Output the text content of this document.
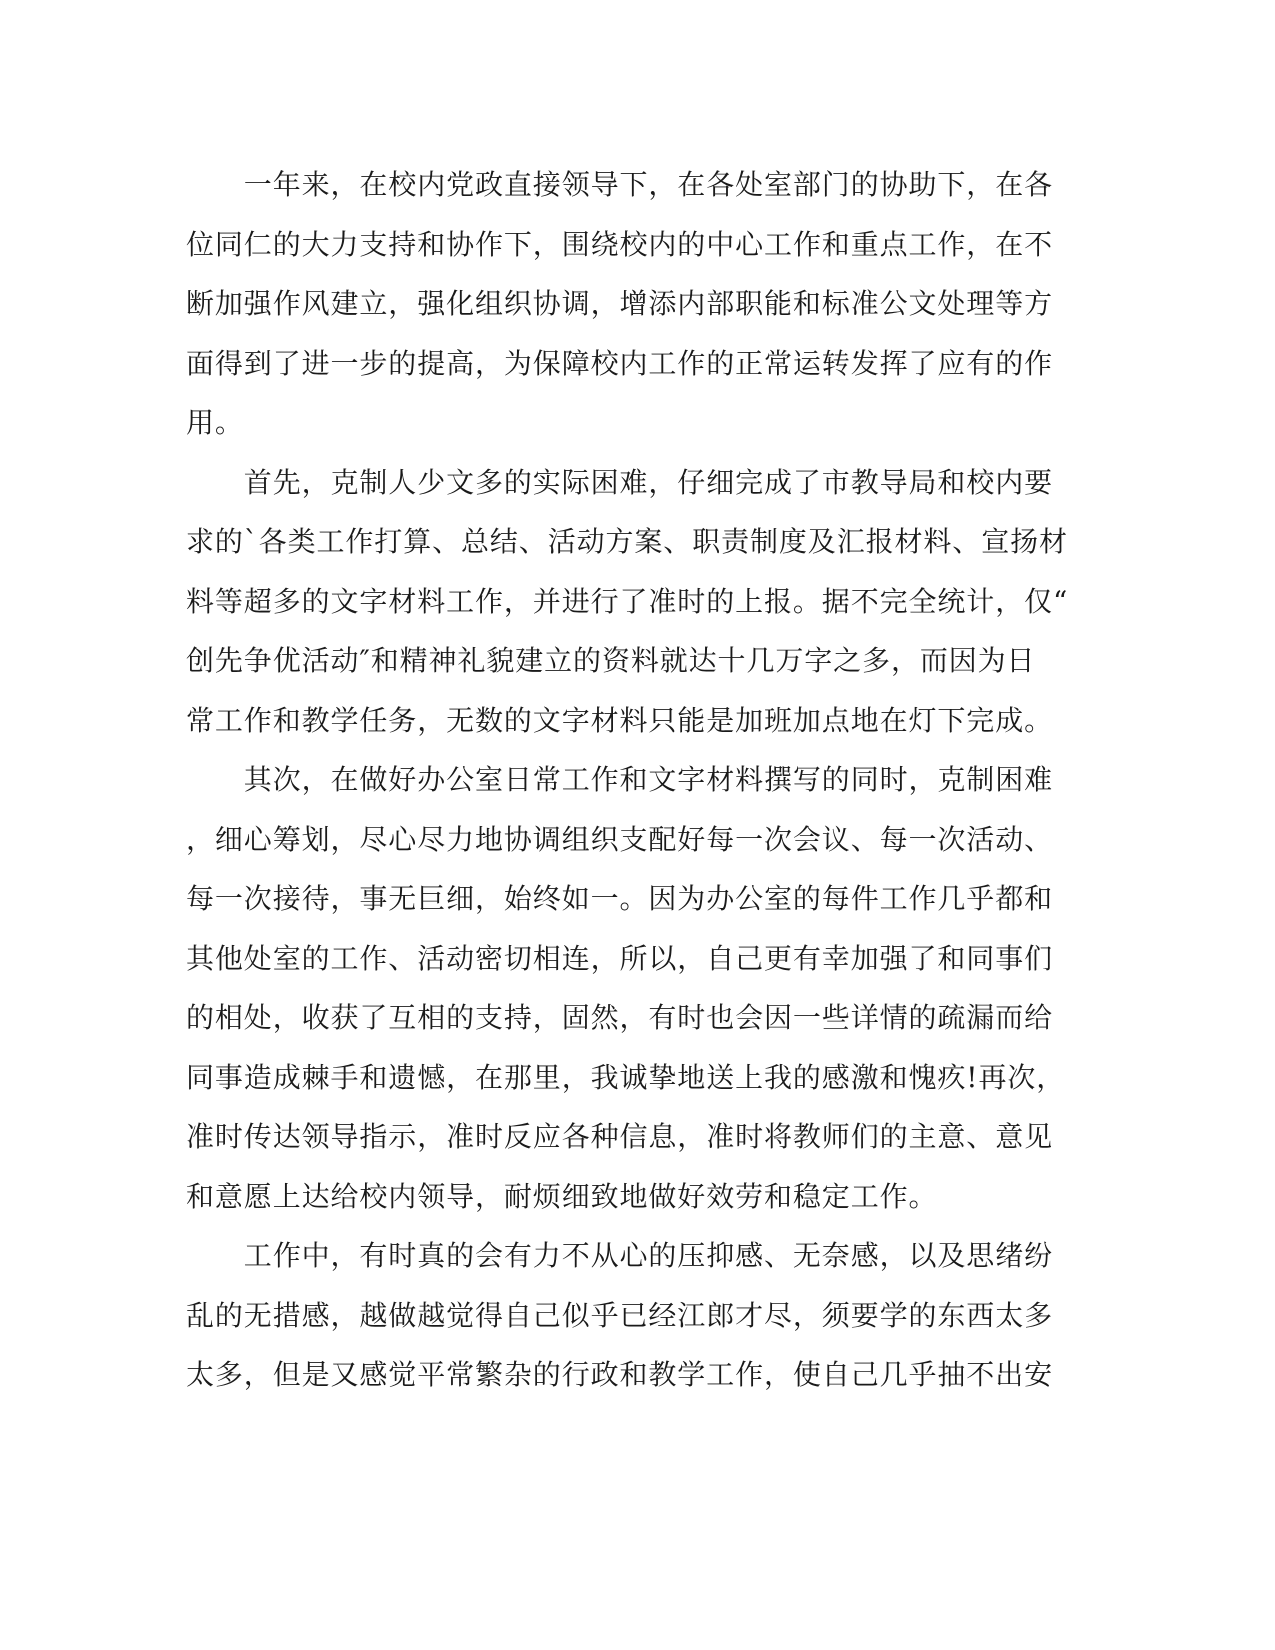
　　一年来，在校内党政直接领导下，在各处室部门的协助下，在各
位同仁的大力支持和协作下，围绕校内的中心工作和重点工作，在不
断加强作风建立，强化组织协调，增添内部职能和标准公文处理等方
面得到了进一步的提高，为保障校内工作的正常运转发挥了应有的作
用。
　　首先，克制人少文多的实际困难，仔细完成了市教导局和校内要
求的`各类工作打算、总结、活动方案、职责制度及汇报材料、宣扬材
料等超多的文字材料工作，并进行了准时的上报。据不完全统计，仅“
创先争优活动″和精神礼貌建立的资料就达十几万字之多，而因为日
常工作和教学任务，无数的文字材料只能是加班加点地在灯下完成。
　　其次，在做好办公室日常工作和文字材料撰写的同时，克制困难
，细心筹划，尽心尽力地协调组织支配好每一次会议、每一次活动、
每一次接待，事无巨细，始终如一。因为办公室的每件工作几乎都和
其他处室的工作、活动密切相连，所以，自己更有幸加强了和同事们
的相处，收获了互相的支持，固然，有时也会因一些详情的疏漏而给
同事造成棘手和遗憾，在那里，我诚挚地送上我的感激和愧疚!再次，
准时传达领导指示，准时反应各种信息，准时将教师们的主意、意见
和意愿上达给校内领导，耐烦细致地做好效劳和稳定工作。
　　工作中，有时真的会有力不从心的压抑感、无奈感，以及思绪纷
乱的无措感，越做越觉得自己似乎已经江郎才尽，须要学的东西太多
太多，但是又感觉平常繁杂的行政和教学工作，使自己几乎抽不出安
